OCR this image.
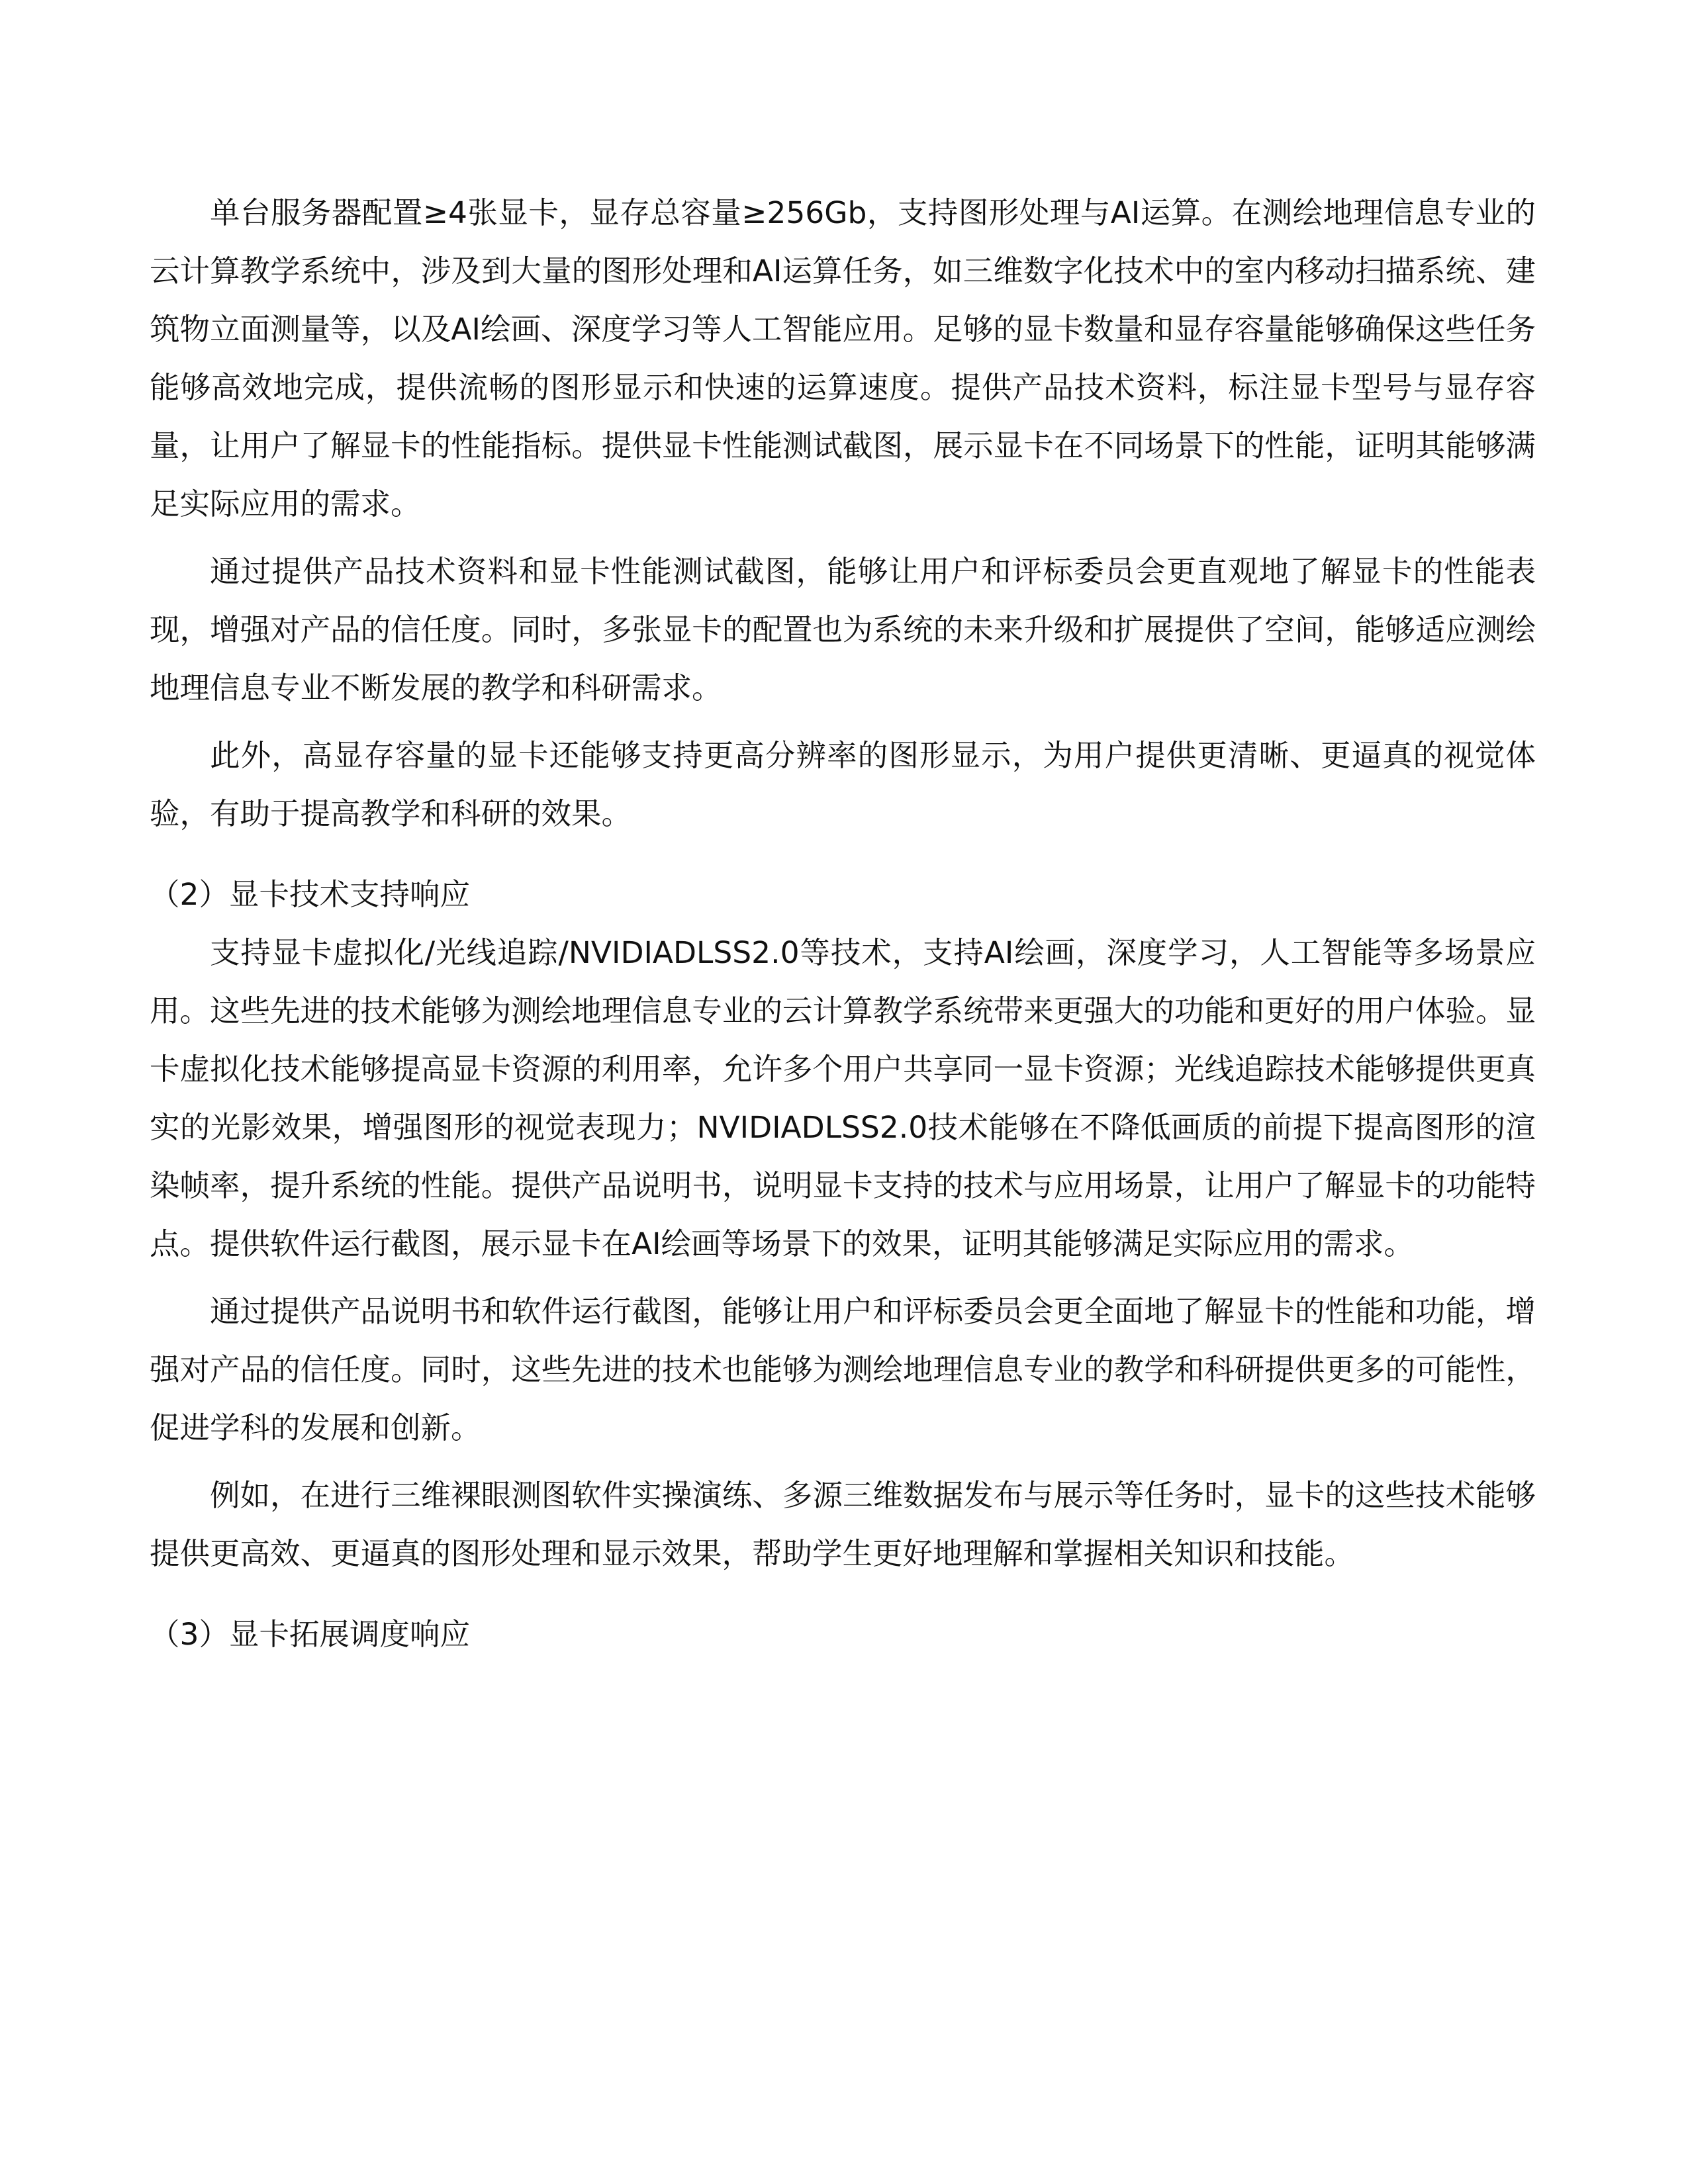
单台服务器配置≥4张显卡，显存总容量≥256Gb，支持图形处理与AI运算。在测绘地理信息专业的云计算教学系统中，涉及到大量的图形处理和AI运算任务，如三维数字化技术中的室内移动扫描系统、建筑物立面测量等，以及AI绘画、深度学习等人工智能应用。足够的显卡数量和显存容量能够确保这些任务能够高效地完成，提供流畅的图形显示和快速的运算速度。提供产品技术资料，标注显卡型号与显存容量，让用户了解显卡的性能指标。提供显卡性能测试截图，展示显卡在不同场景下的性能，证明其能够满足实际应用的需求。

通过提供产品技术资料和显卡性能测试截图，能够让用户和评标委员会更直观地了解显卡的性能表现，增强对产品的信任度。同时，多张显卡的配置也为系统的未来升级和扩展提供了空间，能够适应测绘地理信息专业不断发展的教学和科研需求。

此外，高显存容量的显卡还能够支持更高分辨率的图形显示，为用户提供更清晰、更逼真的视觉体验，有助于提高教学和科研的效果。

（2）显卡技术支持响应

支持显卡虚拟化/光线追踪/NVIDIADLSS2.0等技术，支持AI绘画，深度学习，人工智能等多场景应用。这些先进的技术能够为测绘地理信息专业的云计算教学系统带来更强大的功能和更好的用户体验。显卡虚拟化技术能够提高显卡资源的利用率，允许多个用户共享同一显卡资源；光线追踪技术能够提供更真实的光影效果，增强图形的视觉表现力；NVIDIADLSS2.0技术能够在不降低画质的前提下提高图形的渲染帧率，提升系统的性能。提供产品说明书，说明显卡支持的技术与应用场景，让用户了解显卡的功能特点。提供软件运行截图，展示显卡在AI绘画等场景下的效果，证明其能够满足实际应用的需求。

通过提供产品说明书和软件运行截图，能够让用户和评标委员会更全面地了解显卡的性能和功能，增强对产品的信任度。同时，这些先进的技术也能够为测绘地理信息专业的教学和科研提供更多的可能性，促进学科的发展和创新。

例如，在进行三维裸眼测图软件实操演练、多源三维数据发布与展示等任务时，显卡的这些技术能够提供更高效、更逼真的图形处理和显示效果，帮助学生更好地理解和掌握相关知识和技能。

（3）显卡拓展调度响应
